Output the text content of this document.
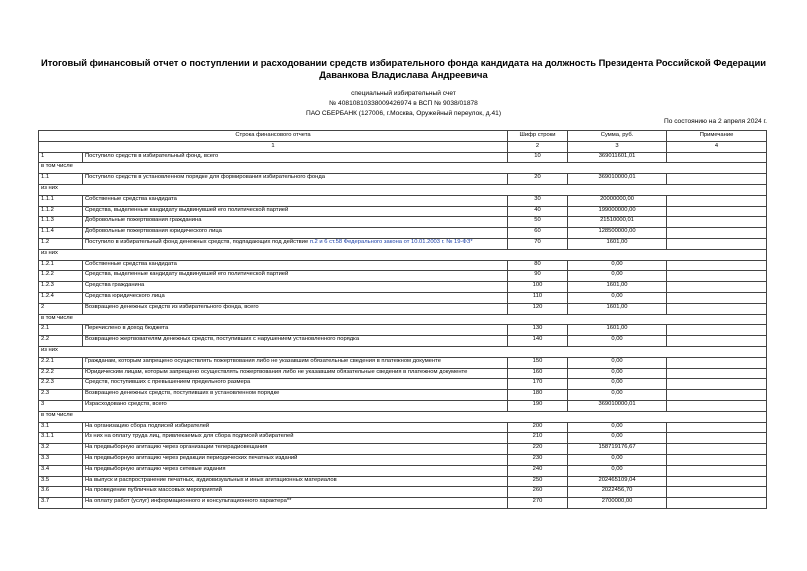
Итоговый финансовый отчет о поступлении и расходовании средств избирательного фонда кандидата на должность Президента Российской Федерации
Даванкова Владислава Андреевича
специальный избирательный счет
№ 40810810338009426974 в ВСП № 9038/01878
ПАО СБЕРБАНК (127006, г.Москва, Оружейный переулок, д.41)
По состоянию на 2 апреля 2024 г.
Строка финансового отчета		Шифр строки	Сумма, руб.	Примечание
1		2	3	4
1	Поступило средств в избирательный фонд, всего	10	369011601,01	
в том числе				
1.1	Поступило средств в установленном порядке для формирования избирательного фонда	20	369010000,01	
из них				
1.1.1	Собственные средства кандидата	30	20000000,00	
1.1.2	Средства, выделенные кандидату выдвинувшей его политической партией	40	199000000,00	
1.1.3	Добровольные пожертвования гражданина	50	21510000,01	
1.1.4	Добровольные пожертвования юридического лица	60	128500000,00	
1.2	Поступило в избирательный фонд денежных средств, подпадающих под действие п.2 и 6 ст.58 Федерального закона от 10.01.2003 г. № 19-ФЗ*	70	1601,00	
из них				
1.2.1	Собственные средства кандидата	80	0,00	
1.2.2	Средства, выделенные кандидату выдвинувшей его политической партией	90	0,00	
1.2.3	Средства гражданина	100	1601,00	
1.2.4	Средства юридического лица	110	0,00	
2	Возвращено денежных средств из избирательного фонда, всего	120	1601,00	
в том числе				
2.1	Перечислено в доход бюджета	130	1601,00	
2.2	Возвращено жертвователям денежных средств, поступивших с нарушением установленного порядка	140	0,00	
из них				
2.2.1	Гражданам, которым запрещено осуществлять пожертвования либо не указавшим обязательные сведения в платежном документе	150	0,00	
2.2.2	Юридическим лицам, которым запрещено осуществлять пожертвования либо не указавшим обязательные сведения в платежном документе	160	0,00	
2.2.3	Средств, поступивших с превышением предельного размера	170	0,00	
2.3	Возвращено денежных средств, поступивших в установленном порядке	180	0,00	
3	Израсходовано средств, всего	190	369010000,01	
в том числе				
3.1	На организацию сбора подписей избирателей	200	0,00	
3.1.1	Из них на оплату труда лиц, привлекаемых для сбора подписей избирателей	210	0,00	
3.2	На предвыборную агитацию через организации телерадиовещания	220	158719176,67	
3.3	На предвыборную агитацию через редакции периодических печатных изданий	230	0,00	
3.4	На предвыборную агитацию через сетевые издания	240	0,00	
3.5	На выпуск и распространение печатных, аудиовизуальных и иных агитационных материалов	250	202465109,04	
3.6	На проведение публичных массовых мероприятий	260	2022456,70	
3.7	На оплату работ (услуг) информационного и консультационного характера**	270	2700000,00	
